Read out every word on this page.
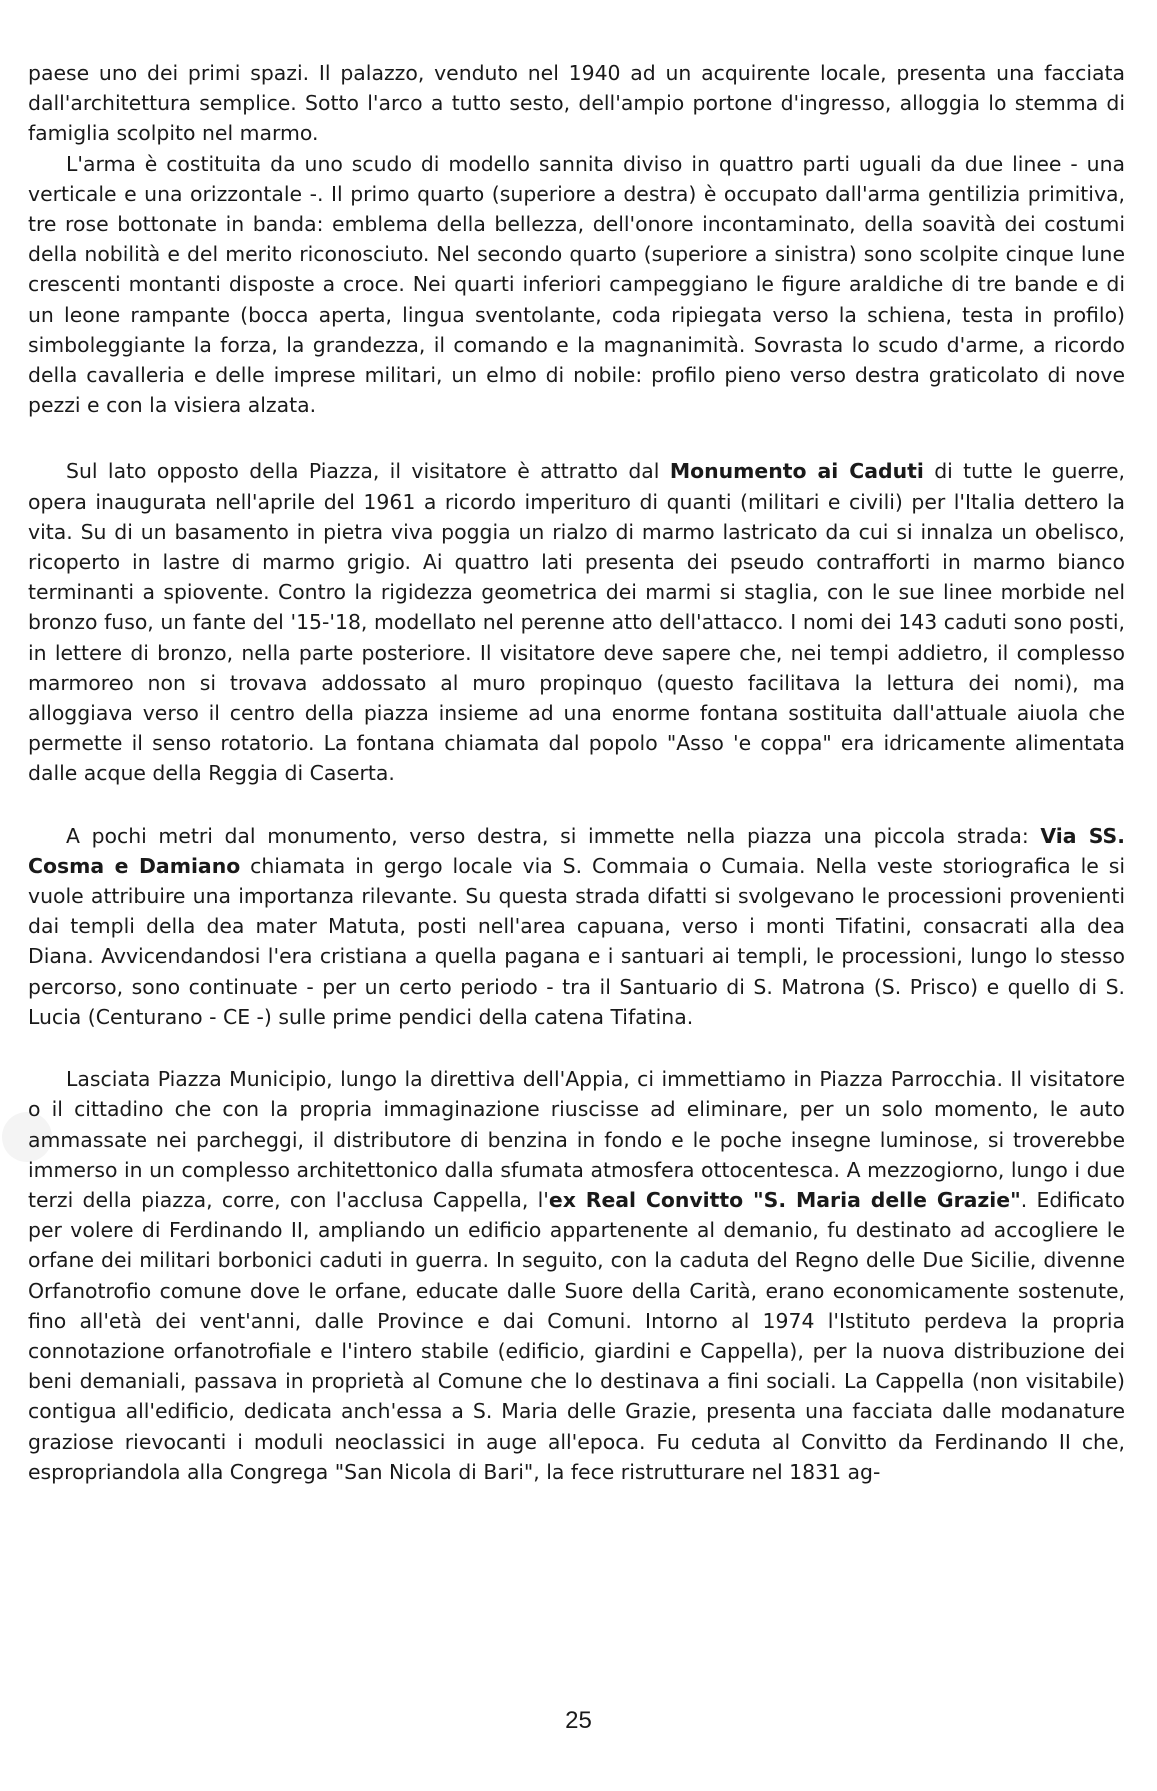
paese uno dei primi spazi. Il palazzo, venduto nel 1940 ad un acquirente locale, presenta una facciata dall'architettura semplice. Sotto l'arco a tutto sesto, dell'ampio portone d'ingresso, alloggia lo stemma di famiglia scolpito nel marmo.

L'arma è costituita da uno scudo di modello sannita diviso in quattro parti uguali da due linee - una verticale e una orizzontale -. Il primo quarto (superiore a destra) è occupato dall'arma gentilizia primitiva, tre rose bottonate in banda: emblema della bellezza, dell'onore incontaminato, della soavità dei costumi della nobilità e del merito riconosciuto. Nel secondo quarto (superiore a sinistra) sono scolpite cinque lune crescenti montanti disposte a croce. Nei quarti inferiori campeggiano le figure araldiche di tre bande e di un leone rampante (bocca aperta, lingua sventolante, coda ripiegata verso la schiena, testa in profilo) simboleggiante la forza, la grandezza, il comando e la magnanimità. Sovrasta lo scudo d'arme, a ricordo della cavalleria e delle imprese militari, un elmo di nobile: profilo pieno verso destra graticolato di nove pezzi e con la visiera alzata.

Sul lato opposto della Piazza, il visitatore è attratto dal Monumento ai Caduti di tutte le guerre, opera inaugurata nell'aprile del 1961 a ricordo imperituro di quanti (militari e civili) per l'Italia dettero la vita. Su di un basamento in pietra viva poggia un rialzo di marmo lastricato da cui si innalza un obelisco, ricoperto in lastre di marmo grigio. Ai quattro lati presenta dei pseudo contrafforti in marmo bianco terminanti a spiovente. Contro la rigidezza geometrica dei marmi si staglia, con le sue linee morbide nel bronzo fuso, un fante del '15-'18, modellato nel perenne atto dell'attacco. I nomi dei 143 caduti sono posti, in lettere di bronzo, nella parte posteriore. Il visitatore deve sapere che, nei tempi addietro, il complesso marmoreo non si trovava addossato al muro propinquo (questo facilitava la lettura dei nomi), ma alloggiava verso il centro della piazza insieme ad una enorme fontana sostituita dall'attuale aiuola che permette il senso rotatorio. La fontana chiamata dal popolo "Asso 'e coppa" era idricamente alimentata dalle acque della Reggia di Caserta.

A pochi metri dal monumento, verso destra, si immette nella piazza una piccola strada: Via SS. Cosma e Damiano chiamata in gergo locale via S. Commaia o Cumaia. Nella veste storiografica le si vuole attribuire una importanza rilevante. Su questa strada difatti si svolgevano le processioni provenienti dai templi della dea mater Matuta, posti nell'area capuana, verso i monti Tifatini, consacrati alla dea Diana. Avvicendandosi l'era cristiana a quella pagana e i santuari ai templi, le processioni, lungo lo stesso percorso, sono continuate - per un certo periodo - tra il Santuario di S. Matrona (S. Prisco) e quello di S. Lucia (Centurano - CE -) sulle prime pendici della catena Tifatina.

Lasciata Piazza Municipio, lungo la direttiva dell'Appia, ci immettiamo in Piazza Parrocchia. Il visitatore o il cittadino che con la propria immaginazione riuscisse ad eliminare, per un solo momento, le auto ammassate nei parcheggi, il distributore di benzina in fondo e le poche insegne luminose, si troverebbe immerso in un complesso architettonico dalla sfumata atmosfera ottocentesca. A mezzogiorno, lungo i due terzi della piazza, corre, con l'acclusa Cappella, l'ex Real Convitto "S. Maria delle Grazie". Edificato per volere di Ferdinando II, ampliando un edificio appartenente al demanio, fu destinato ad accogliere le orfane dei militari borbonici caduti in guerra. In seguito, con la caduta del Regno delle Due Sicilie, divenne Orfanotrofio comune dove le orfane, educate dalle Suore della Carità, erano economicamente sostenute, fino all'età dei vent'anni, dalle Province e dai Comuni. Intorno al 1974 l'Istituto perdeva la propria connotazione orfanotrofiale e l'intero stabile (edificio, giardini e Cappella), per la nuova distribuzione dei beni demaniali, passava in proprietà al Comune che lo destinava a fini sociali. La Cappella (non visitabile) contigua all'edificio, dedicata anch'essa a S. Maria delle Grazie, presenta una facciata dalle modanature graziose rievocanti i moduli neoclassici in auge all'epoca. Fu ceduta al Convitto da Ferdinando II che, espropriandola alla Congrega "San Nicola di Bari", la fece ristrutturare nel 1831 ag-

25
